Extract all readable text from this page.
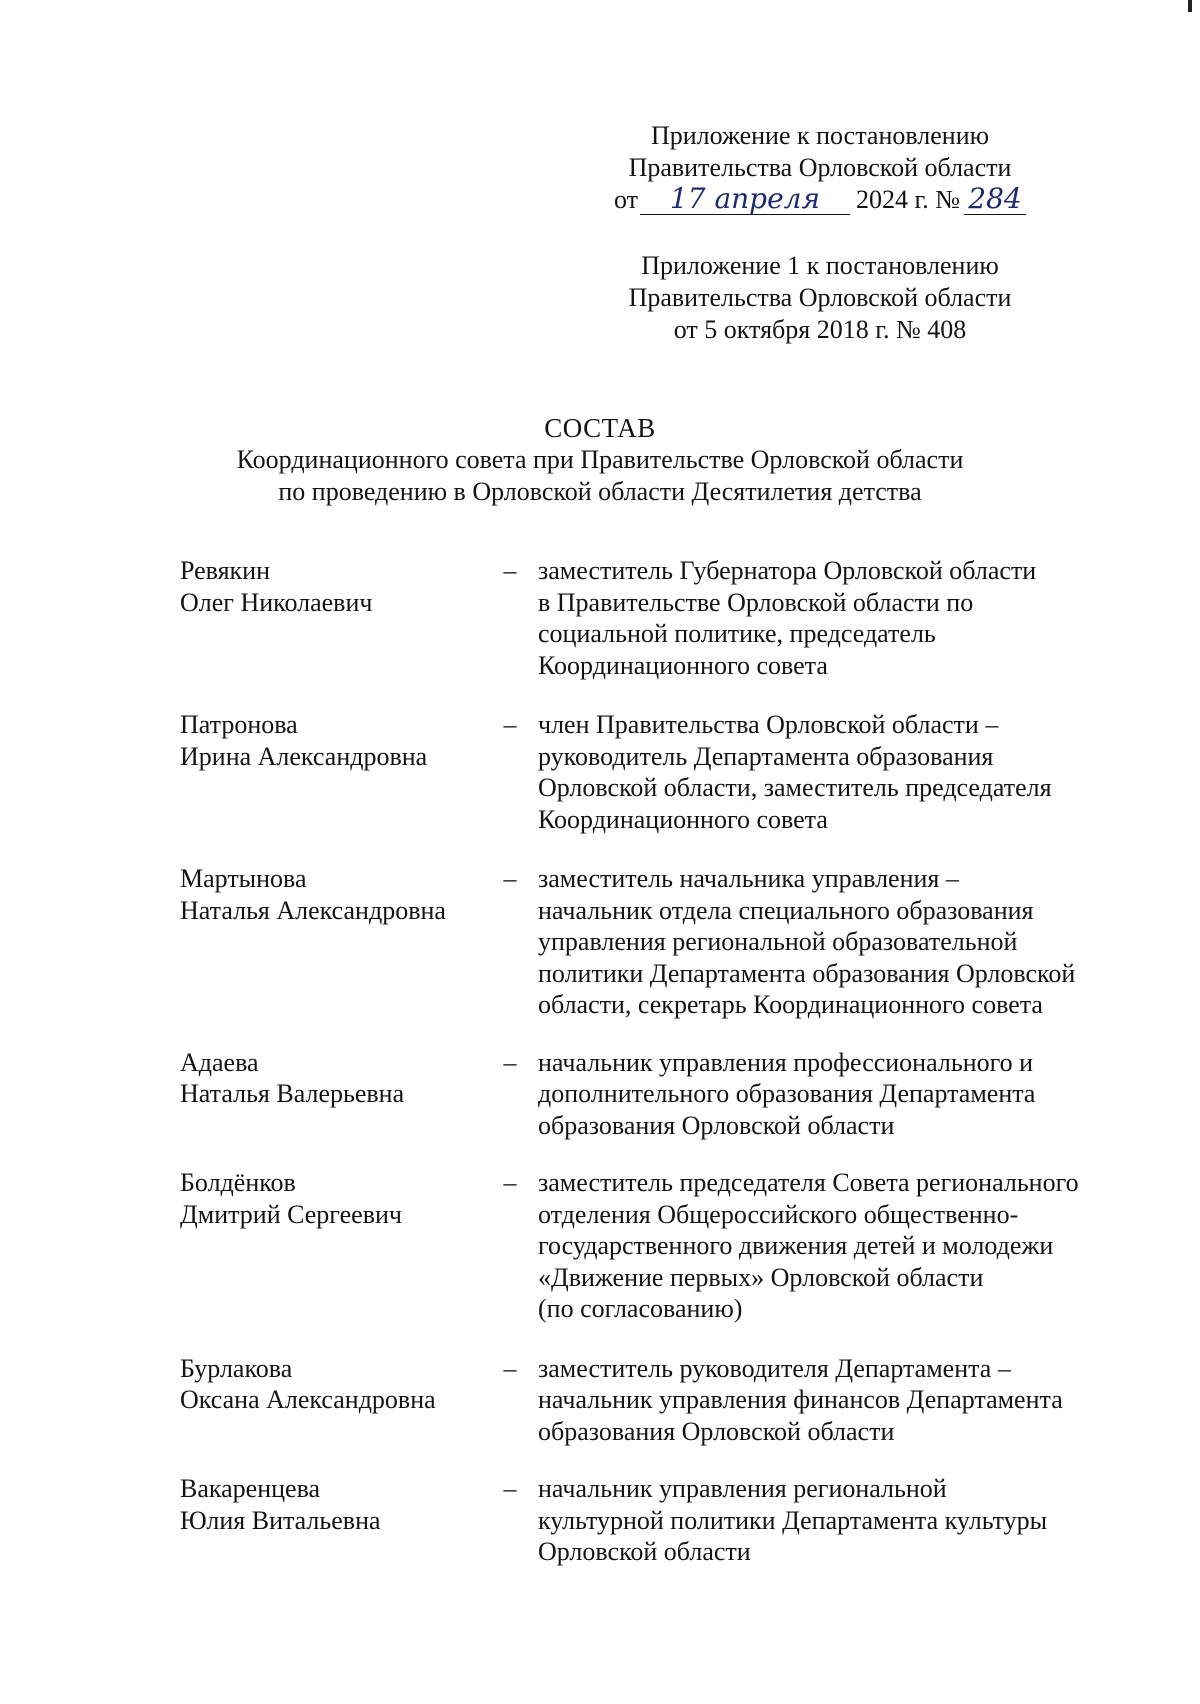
Приложение к постановлению
Правительства Орловской области
от 17 апреля 2024 г. № 284
Приложение 1 к постановлению
Правительства Орловской области
от 5 октября 2018 г. № 408
СОСТАВ
Координационного совета при Правительстве Орловской области
по проведению в Орловской области Десятилетия детства
Ревякин
Олег Николаевич
– заместитель Губернатора Орловской области
в Правительстве Орловской области по
социальной политике, председатель
Координационного совета
Патронова
Ирина Александровна
– член Правительства Орловской области –
руководитель Департамента образования
Орловской области, заместитель председателя
Координационного совета
Мартынова
Наталья Александровна
– заместитель начальника управления –
начальник отдела специального образования
управления региональной образовательной
политики Департамента образования Орловской
области, секретарь Координационного совета
Адаева
Наталья Валерьевна
– начальник управления профессионального и
дополнительного образования Департамента
образования Орловской области
Болдёнков
Дмитрий Сергеевич
– заместитель председателя Совета регионального
отделения Общероссийского общественно-
государственного движения детей и молодежи
«Движение первых» Орловской области
(по согласованию)
Бурлакова
Оксана Александровна
– заместитель руководителя Департамента –
начальник управления финансов Департамента
образования Орловской области
Вакаренцева
Юлия Витальевна
– начальник управления региональной
культурной политики Департамента культуры
Орловской области
